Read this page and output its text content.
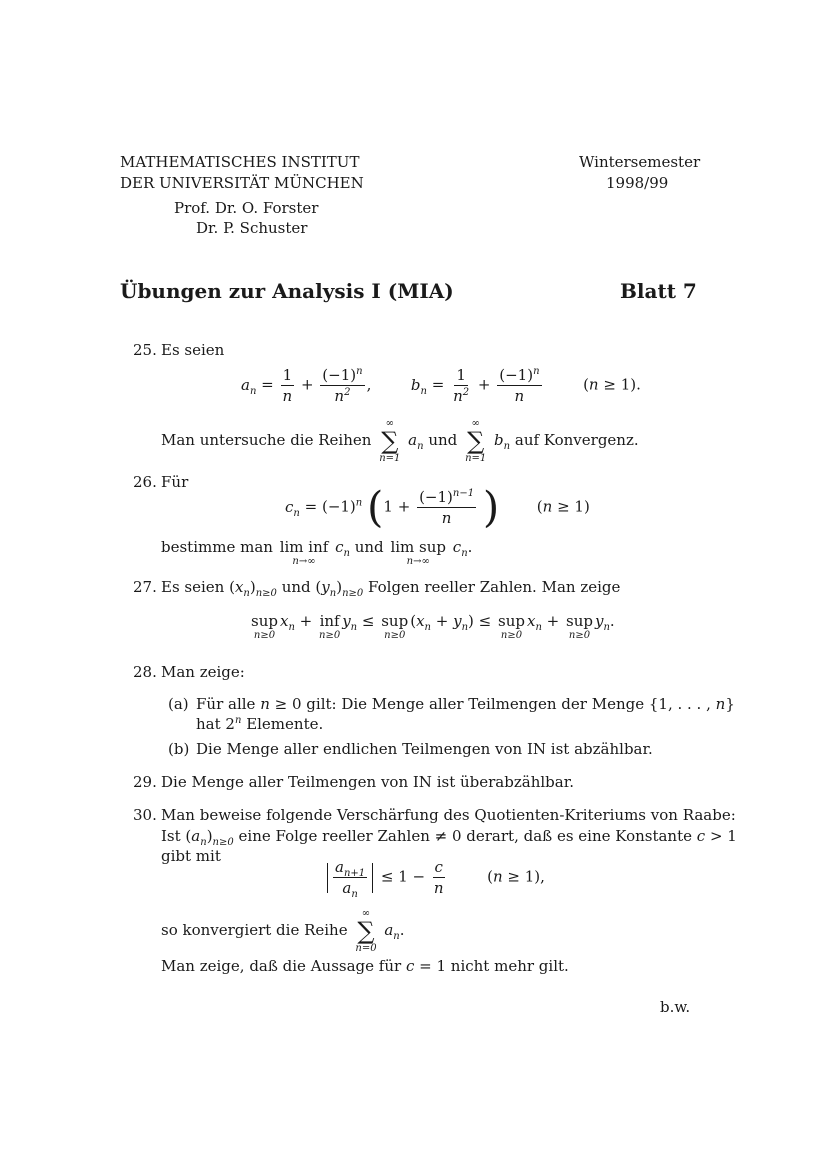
MATHEMATISCHES INSTITUT
DER UNIVERSITÄT MÜNCHEN
Prof. Dr. O. Forster
Dr. P. Schuster
Wintersemester
1998/99
Übungen zur Analysis I (MIA)	Blatt 7
25. Es seien
$a_n = \frac{1}{n} + \frac{(-1)^n}{n^2}$ ,  $b_n = \frac{1}{n^2} + \frac{(-1)^n}{n} (n \ge 1)$.
Man untersuche die Reihen
∞
∑
n=1
$a_n$ und
∞
∑
n=1
$b_n$ auf Konvergenz.
26. Für
$c_n = (-1)^n$ ($1 + \frac{(-1)^{n-1}}{n}$ )  (n ≥ 1)
bestimme man lim inf
n→∞
$c_n$ und lim sup
n→∞
$c_n$.
27. Es seien $(x_n)_{n\ge 0}$ und $(y_n)_{n\ge 0}$ Folgen reeller Zahlen. Man zeige
sup
n≥0
$x_n$ + inf
n≥0
$y_n$ ≤ sup
n≥0
$(x_n + y_n)$ ≤ sup
n≥0
$x_n$ + sup
n≥0
$y_n$.
28. Man zeige:
(a) Für alle n ≥ 0 gilt: Die Menge aller Teilmengen der Menge {1, . . . , n}
hat 2$^n$ Elemente.
(b) Die Menge aller endlichen Teilmengen von IN ist abzählbar.
29. Die Menge aller Teilmengen von IN ist überabzählbar.
30. Man beweise folgende Verschärfung des Quotienten-Kriteriums von Raabe:
Ist $(a_n)_{n\ge 0}$ eine Folge reeller Zahlen ≠ 0 derart, daß es eine Konstante c > 1
gibt mit
$\frac{a_{n+1}}{a_n} \le 1 - \frac{c}{n} (n \ge 1)$,
so konvergiert die Reihe
∞
∑
n=0
$a_n$.
Man zeige, daß die Aussage für c = 1 nicht mehr gilt.
b.w.
